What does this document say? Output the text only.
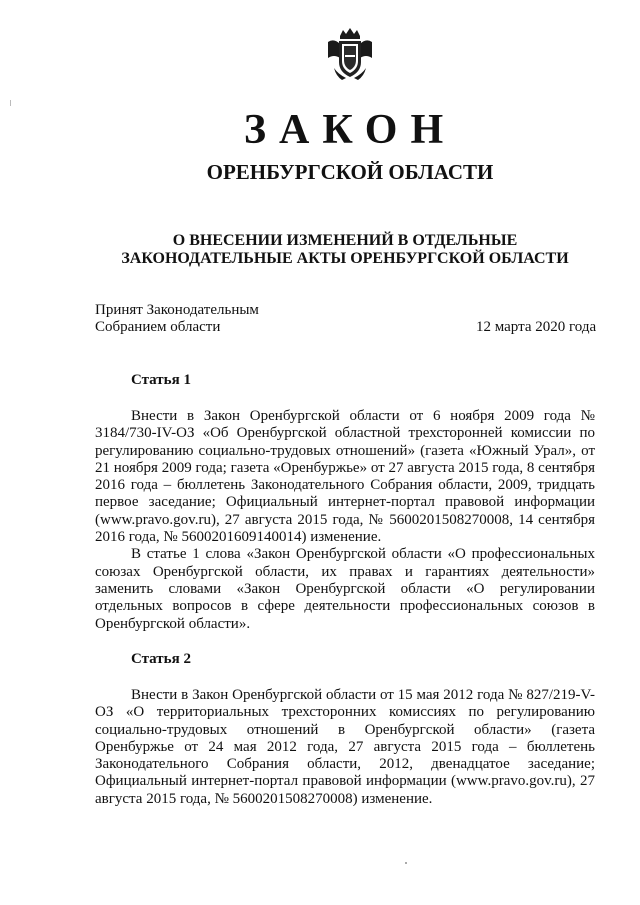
ЗАКОН
ОРЕНБУРГСКОЙ ОБЛАСТИ
О ВНЕСЕНИИ ИЗМЕНЕНИЙ В ОТДЕЛЬНЫЕ
ЗАКОНОДАТЕЛЬНЫЕ АКТЫ ОРЕНБУРГСКОЙ ОБЛАСТИ
Принят Законодательным
Собранием области	12 марта 2020 года
Статья 1

Внести в Закон Оренбургской области от 6 ноября 2009 года № 3184/730-IV-ОЗ «Об Оренбургской областной трехсторонней комиссии по регулированию социально-трудовых отношений» (газета «Южный Урал», от 21 ноября 2009 года; газета «Оренбуржье» от 27 августа 2015 года, 8 сентября 2016 года – бюллетень Законодательного Собрания области, 2009, тридцать первое заседание; Официальный интернет-портал правовой информации (www.pravo.gov.ru), 27 августа 2015 года, № 5600201508270008, 14 сентября 2016 года, № 5600201609140014) изменение.

В статье 1 слова «Закон Оренбургской области «О профессиональных союзах Оренбургской области, их правах и гарантиях деятельности» заменить словами «Закон Оренбургской области «О регулировании отдельных вопросов в сфере деятельности профессиональных союзов в Оренбургской области».

Статья 2

Внести в Закон Оренбургской области от 15 мая 2012 года № 827/219-V-ОЗ «О территориальных трехсторонних комиссиях по регулированию социально-трудовых отношений в Оренбургской области» (газета Оренбуржье от 24 мая 2012 года, 27 августа 2015 года – бюллетень Законодательного Собрания области, 2012, двенадцатое заседание; Официальный интернет-портал правовой информации (www.pravo.gov.ru), 27 августа 2015 года, № 5600201508270008) изменение.
